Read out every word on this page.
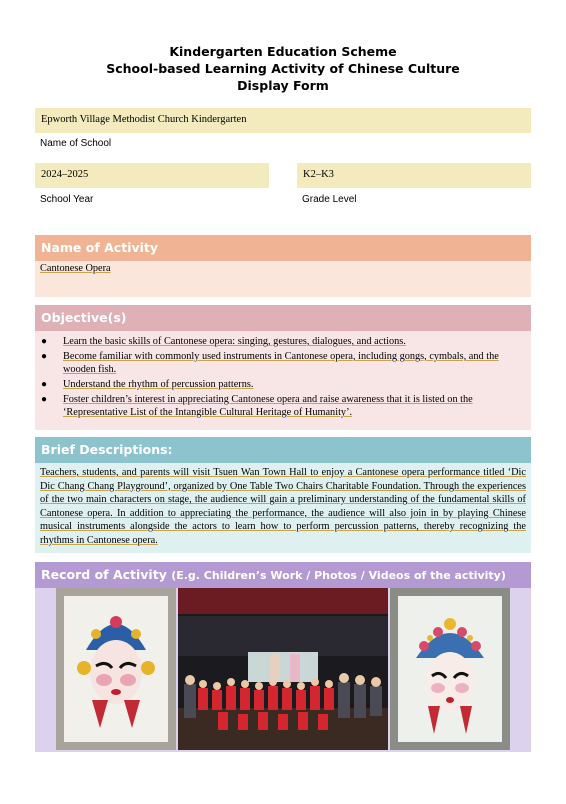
Kindergarten Education Scheme
School-based Learning Activity of Chinese Culture
Display Form
Epworth Village Methodist Church Kindergarten
Name of School
2024–2025
School Year
K2–K3
Grade Level
Name of Activity
Cantonese Opera
Objective(s)
● Learn the basic skills of Cantonese opera: singing, gestures, dialogues, and actions.
● Become familiar with commonly used instruments in Cantonese opera, including gongs, cymbals, and the wooden fish.
● Understand the rhythm of percussion patterns.
● Foster children’s interest in appreciating Cantonese opera and raise awareness that it is listed on the ‘Representative List of the Intangible Cultural Heritage of Humanity’.
Brief Descriptions:
Teachers, students, and parents will visit Tsuen Wan Town Hall to enjoy a Cantonese opera performance titled ‘Dic Dic Chang Chang Playground’, organized by One Table Two Chairs Charitable Foundation. Through the experiences of the two main characters on stage, the audience will gain a preliminary understanding of the fundamental skills of Cantonese opera. In addition to appreciating the performance, the audience will also join in by playing Chinese musical instruments alongside the actors to learn how to perform percussion patterns, thereby recognizing the rhythms in Cantonese opera.
Record of Activity (E.g. Children’s Work / Photos / Videos of the activity)
